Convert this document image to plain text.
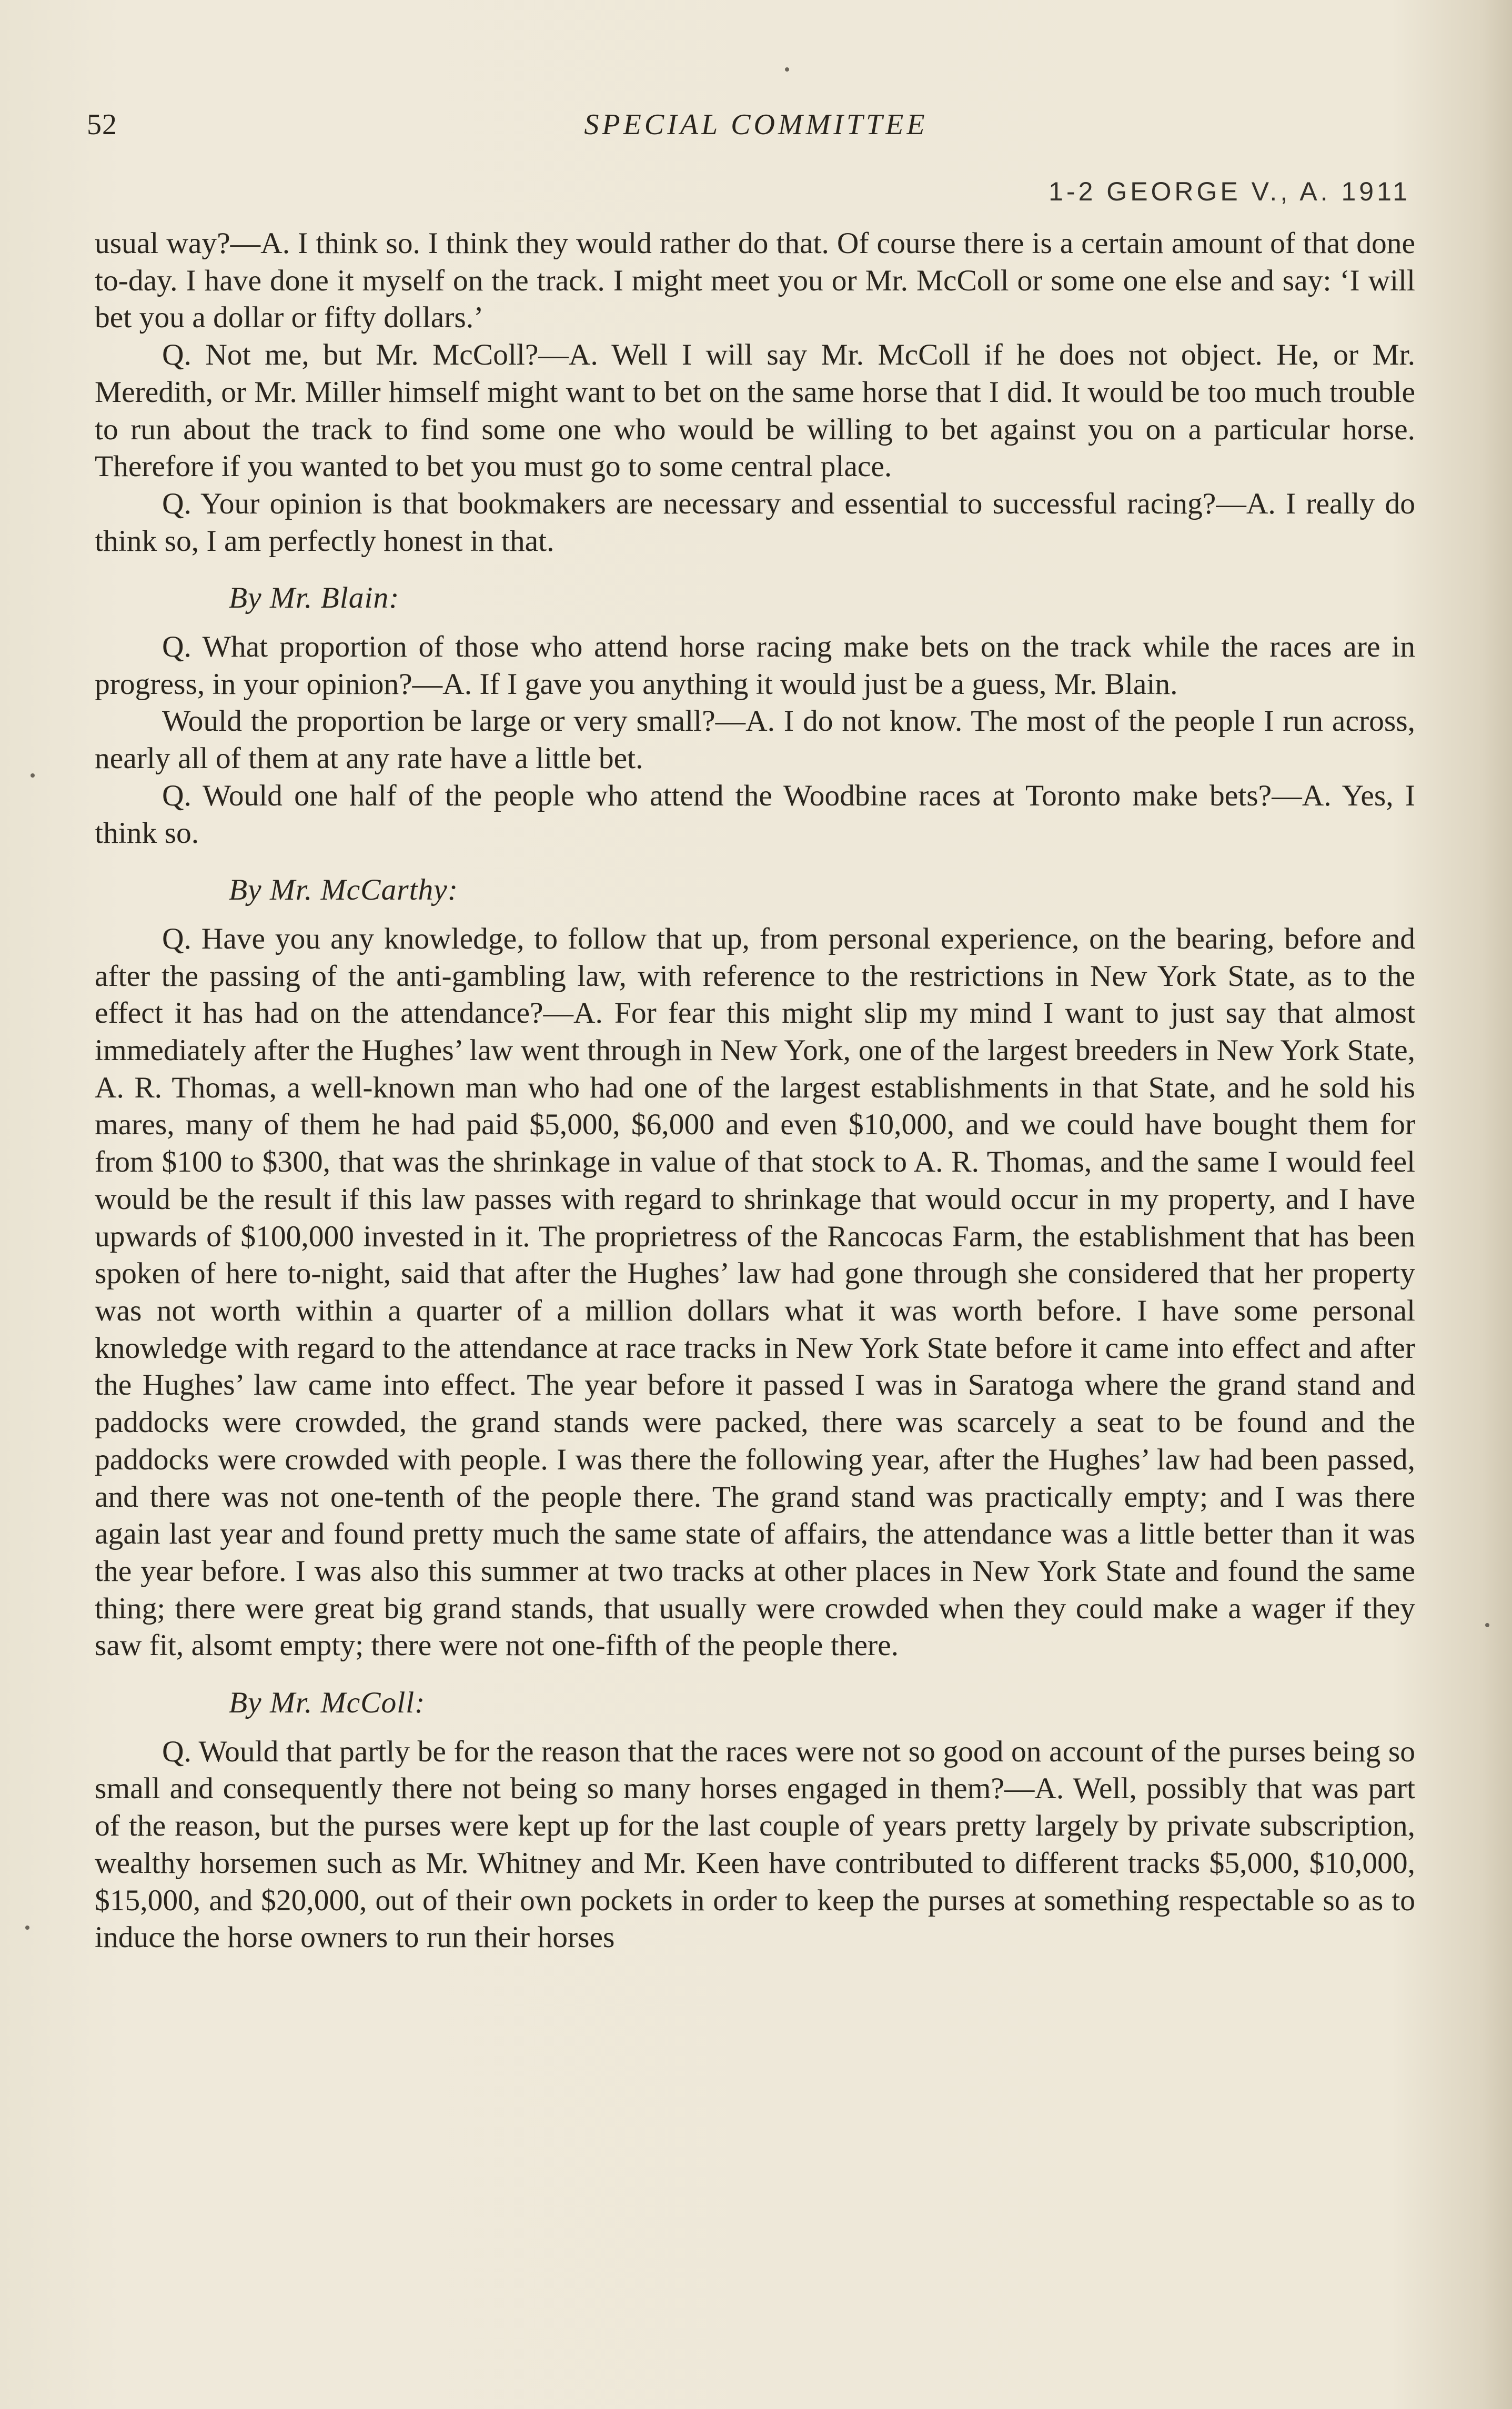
52	SPECIAL COMMITTEE
1-2 GEORGE V., A. 1911

usual way?—A. I think so. I think they would rather do that. Of course there is a certain amount of that done to-day. I have done it myself on the track. I might meet you or Mr. McColl or some one else and say: ‘I will bet you a dollar or fifty dollars.’

Q. Not me, but Mr. McColl?—A. Well I will say Mr. McColl if he does not object. He, or Mr. Meredith, or Mr. Miller himself might want to bet on the same horse that I did. It would be too much trouble to run about the track to find some one who would be willing to bet against you on a particular horse. Therefore if you wanted to bet you must go to some central place.

Q. Your opinion is that bookmakers are necessary and essential to successful racing?—A. I really do think so, I am perfectly honest in that.

By Mr. Blain:

Q. What proportion of those who attend horse racing make bets on the track while the races are in progress, in your opinion?—A. If I gave you anything it would just be a guess, Mr. Blain.

Would the proportion be large or very small?—A. I do not know. The most of the people I run across, nearly all of them at any rate have a little bet.

Q. Would one half of the people who attend the Woodbine races at Toronto make bets?—A. Yes, I think so.

By Mr. McCarthy:

Q. Have you any knowledge, to follow that up, from personal experience, on the bearing, before and after the passing of the anti-gambling law, with reference to the restrictions in New York State, as to the effect it has had on the attendance?—A. For fear this might slip my mind I want to just say that almost immediately after the Hughes’ law went through in New York, one of the largest breeders in New York State, A. R. Thomas, a well-known man who had one of the largest establishments in that State, and he sold his mares, many of them he had paid $5,000, $6,000 and even $10,000, and we could have bought them for from $100 to $300, that was the shrinkage in value of that stock to A. R. Thomas, and the same I would feel would be the result if this law passes with regard to shrinkage that would occur in my property, and I have upwards of $100,000 invested in it. The proprietress of the Rancocas Farm, the establishment that has been spoken of here to-night, said that after the Hughes’ law had gone through she considered that her property was not worth within a quarter of a million dollars what it was worth before. I have some personal knowledge with regard to the attendance at race tracks in New York State before it came into effect and after the Hughes’ law came into effect. The year before it passed I was in Saratoga where the grand stand and paddocks were crowded, the grand stands were packed, there was scarcely a seat to be found and the paddocks were crowded with people. I was there the following year, after the Hughes’ law had been passed, and there was not one-tenth of the people there. The grand stand was practically empty; and I was there again last year and found pretty much the same state of affairs, the attendance was a little better than it was the year before. I was also this summer at two tracks at other places in New York State and found the same thing; there were great big grand stands, that usually were crowded when they could make a wager if they saw fit, alsomt empty; there were not one-fifth of the people there.

By Mr. McColl:

Q. Would that partly be for the reason that the races were not so good on account of the purses being so small and consequently there not being so many horses engaged in them?—A. Well, possibly that was part of the reason, but the purses were kept up for the last couple of years pretty largely by private subscription, wealthy horsemen such as Mr. Whitney and Mr. Keen have contributed to different tracks $5,000, $10,000, $15,000, and $20,000, out of their own pockets in order to keep the purses at something respectable so as to induce the horse owners to run their horses
